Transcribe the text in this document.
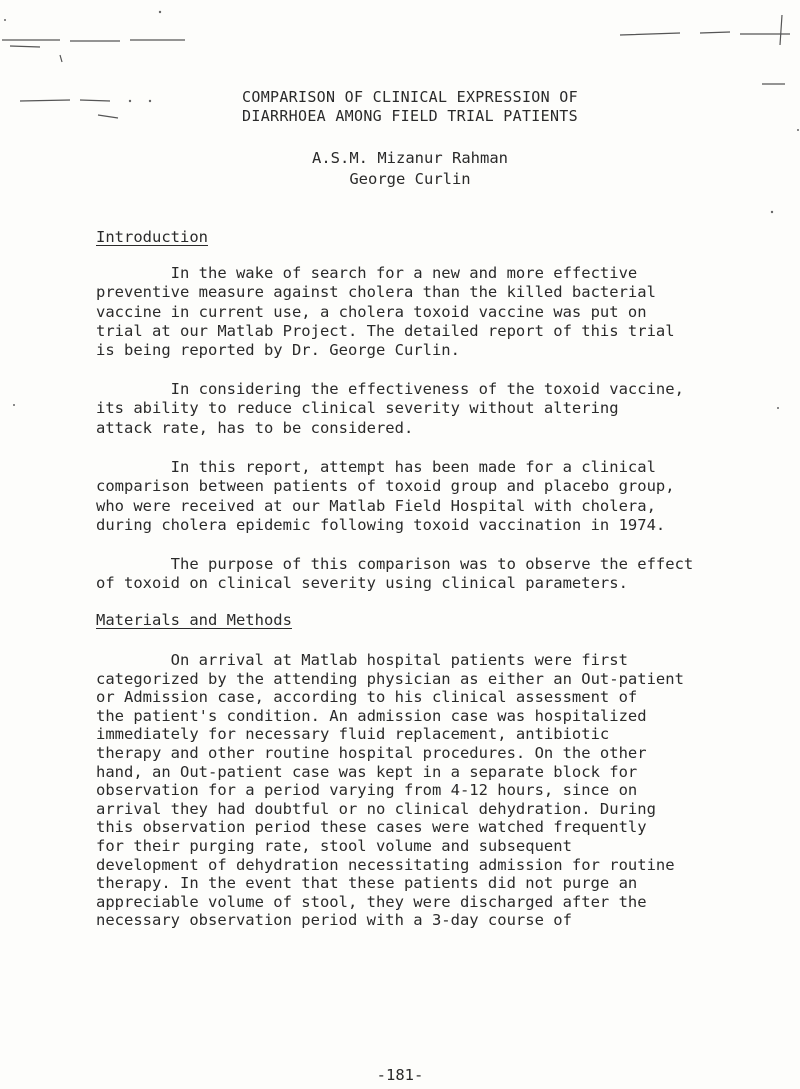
COMPARISON OF CLINICAL EXPRESSION OF
DIARRHOEA AMONG FIELD TRIAL PATIENTS
A.S.M. Mizanur Rahman
George Curlin
Introduction

In the wake of search for a new and more effective
preventive measure against cholera than the killed bacterial
vaccine in current use, a cholera toxoid vaccine was put on
trial at our Matlab Project. The detailed report of this trial
is being reported by Dr. George Curlin.

In considering the effectiveness of the toxoid vaccine,
its ability to reduce clinical severity without altering
attack rate, has to be considered.

In this report, attempt has been made for a clinical
comparison between patients of toxoid group and placebo group,
who were received at our Matlab Field Hospital with cholera,
during cholera epidemic following toxoid vaccination in 1974.

The purpose of this comparison was to observe the effect
of toxoid on clinical severity using clinical parameters.

Materials and Methods

On arrival at Matlab hospital patients were first
categorized by the attending physician as either an Out-patient
or Admission case, according to his clinical assessment of
the patient's condition. An admission case was hospitalized
immediately for necessary fluid replacement, antibiotic
therapy and other routine hospital procedures. On the other
hand, an Out-patient case was kept in a separate block for
observation for a period varying from 4-12 hours, since on
arrival they had doubtful or no clinical dehydration. During
this observation period these cases were watched frequently
for their purging rate, stool volume and subsequent
development of dehydration necessitating admission for routine
therapy. In the event that these patients did not purge an
appreciable volume of stool, they were discharged after the
necessary observation period with a 3-day course of

-181-
